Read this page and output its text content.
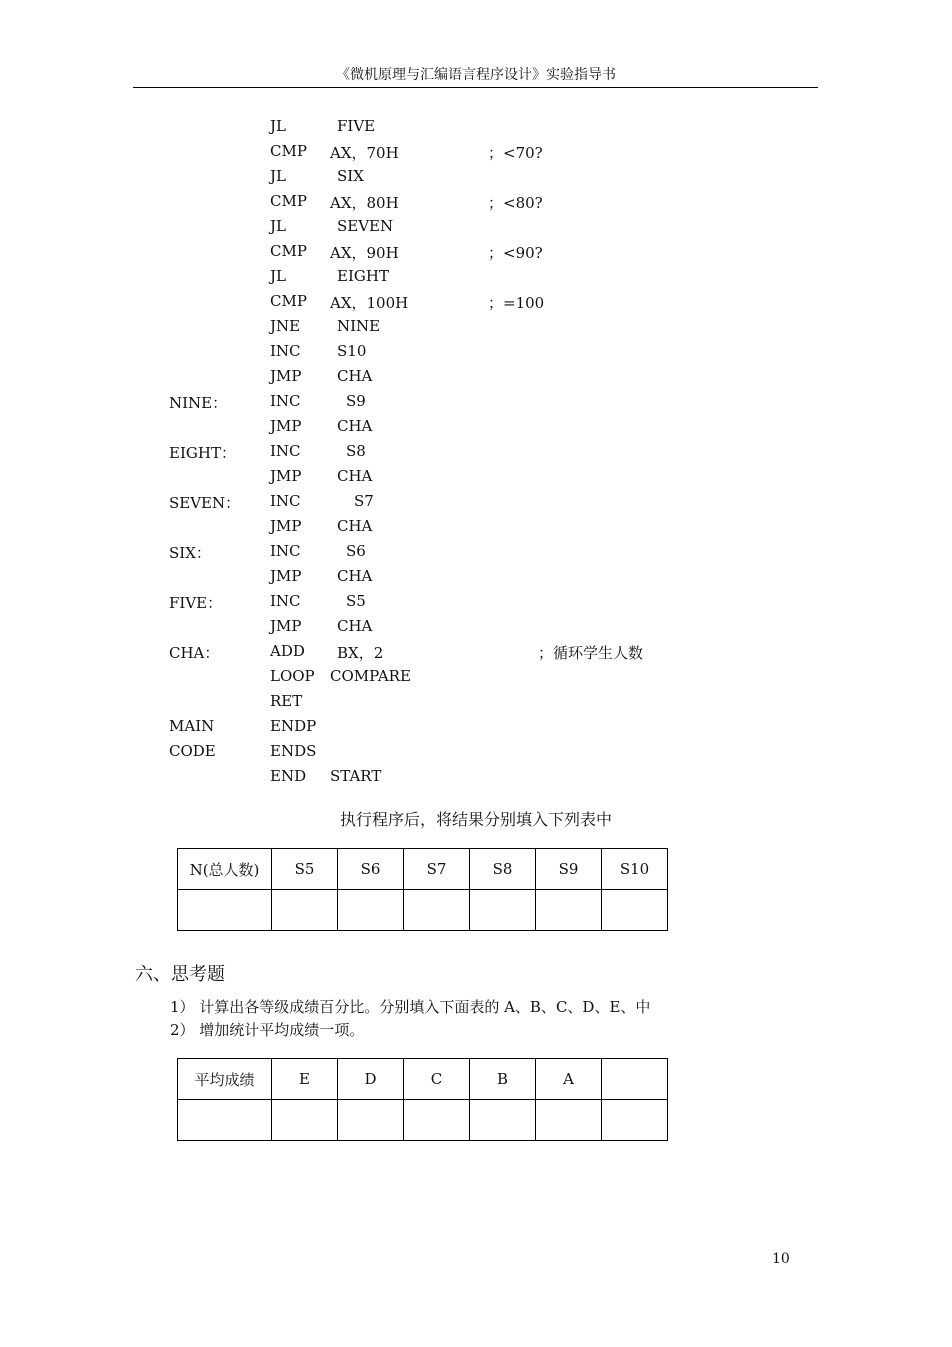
《微机原理与汇编语言程序设计》实验指导书
JL	FIVE
CMP AX，70H	；<70?
JL	SIX
CMP AX，80H	；<80?
JL	SEVEN
CMP AX，90H	；<90?
JL	EIGHT
CMP AX，100H	；=100
JNE NINE
INC S10
JMP CHA
NINE：	INC	S9
JMP CHA
EIGHT： INC	S8
JMP CHA
SEVEN： INC	S7
JMP CHA
SIX：	INC	S6
JMP CHA
FIVE：	INC	S5
JMP CHA
CHA：	ADD BX，2	；循环学生人数
LOOP COMPARE
RET
MAIN	ENDP
CODE	ENDS
END START
执行程序后，将结果分别填入下列表中
N(总人数)	S5	S6	S7	S8	S9	S10

六、思考题
1） 计算出各等级成绩百分比。分别填入下面表的 A、B、C、D、E、中
2） 增加统计平均成绩一项。
平均成绩	E	D	C	B	A	

10
